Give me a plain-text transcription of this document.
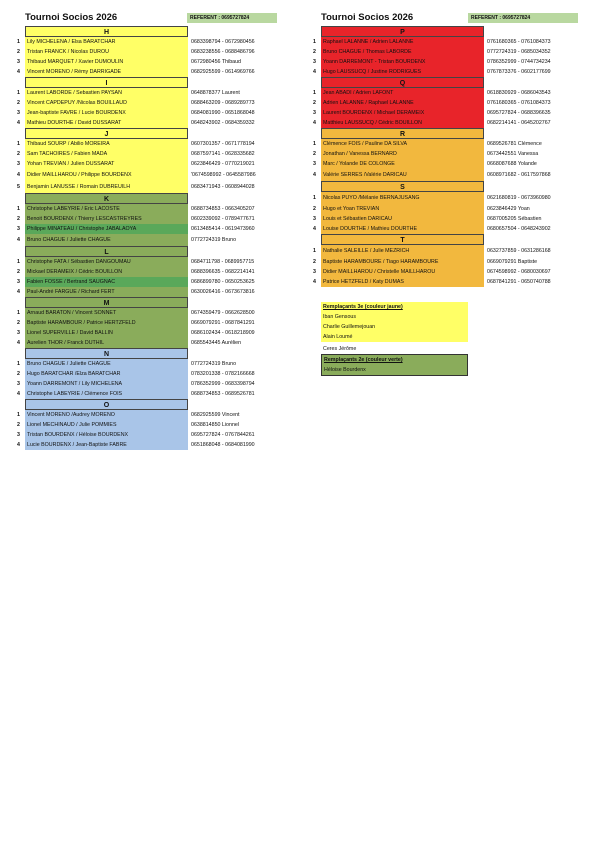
Tournoi Socios 2026	REFERENT : 0695727824
H
1	Lily MICHELENA / Elsa BARATCHAR	0683398794 - 0672980456
2	Tristan FRANCK / Nicolas DUROU	0683238556 - 0688486796
3	Thibaud MARQUET / Xavier DUMOULIN	0672980456 Thibaud
4	Vincent MORENO / Rémy DARRIGADE	0682925599 - 0614969766
I
1	Laurent LABORDE / Sebastien PAYSAN	0648878377 Laurent
2	Vincent CAPDEPUY /Nicolas BOUILLAUD	0688463209 - 0689289773
3	Jean-baptiste FAVRE / Lucie BOURDENX	0684081990 - 0651868048
4	Mathieu DOURTHE / David DUSSARAT	0648243902 - 0684359332
J
1	Thibaud SOURP / Abilio MOREIRA	0607301357 - 0671778194
2	Sam TACHOIRES / Fabien MADA	0687597141 - 0628335682
3	Yohan TREVIAN / Julien DUSSARAT	0623846429 - 0770219021
4	Didier MAILLHAROU / Philippe BOURDENX	'0674598992 - 0645587986
5	Benjamin LANUSSE / Romain DUBREUILH	0683471943 - 0608944028
K
1	Christophe LABEYRIE / Eric LACOSTE	0688734853 - 0663405207
2	Benoit BOURDENX / Thierry LESCASTREYRES	0602339092 - 0789477671
3	Philippe MINATEAU / Christophe JABALAOYA	0613485414 - 0619473960
4	Bruno CHAGUE / Juliette CHAGUE	0772724319 Bruno
L
1	Christophe FATA / Sébastien DANGOUMAU	0684711798 - 0689957715
2	Mickael DERAMEIX / Cédric BOUILLON	0688396635 - 0682214141
3	Fabien FOSSE / Bertrand SAUGNAC	0686899780 - 0650253625
4	Paul-André FARGUE / Richard FERT	0630026416 - 0673673816
M
1	Arnaud BARATON / Vincent SONNET	0674359479 - 0662628500
2	Baptiste HARAMBOUR / Patrice HERTZFELD	0669079291 - 0687841291
3	Lionel SUPERVILLE / David BALLIN	0686102434 - 0618218909
4	Aurelien THOR / Franck DUTHIL	0685543445 Aurélien
N
1	Bruno CHAGUE / Juliette CHAGUE	0772724319 Bruno
2	Hugo BARATCHAR /Elza BARATCHAR	0783201338 - 0782166668
3	Yoann DARREMONT / Lily MICHELENA	0786352999 - 0683398794
4	Christophe LABEYRIE / Clémence FOIS	0688734853 - 0689526781
O
1	Vincent MORENO /Audrey MORENO	0682925599 Vincent
2	Lionel MECHINAUD / Julie POMMIES	0638814850 Lionnel
3	Tristan BOURDENX / Héloise BOURDENX	0695727824 - 0767844261
4	Lucie BOURDENX / Jean-Baptiste FABRE	0651868048 - 0684081990
Tournoi Socios 2026	REFERENT : 0695727824
P
1	Raphael LALANNE / Adrien LALANNE	0761680365 - 0761084373
2	Bruno CHAGUE / Thomas LABORDE	0772724319 - 0685034352
3	Yoann DARREMONT - Tristan BOURDENX	0786352999 - 0744734234
4	Hugo LAUSSUCQ / Justine RODRIGUES	0767873376 - 0602177699
Q
1	Jean ABADI / Adrien LAFONT	0618830929 - 0686043543
2	Adrien LALANNE / Raphael LALANNE	0761680365 - 0761084373
3	Laurent BOURDENX / Michael DERAMEIX	0695727824 - 0688396635
4	Matthieu LAUSSUCQ / Cédric BOUILLON	0682214141 - 0645202767
R
1	Clémence FOIS / Pauline DA SILVA	0689526781 Clémence
2	Jonathan / Vanessa BERNARD	0673442551 Vanessa
3	Marc / Yolande DE COLONGE	0668087688 Yolande
4	Valérie SERRES /Valérie DARICAU	0608971682 - 0617597868
S
1	Nicolas PUYO /Mélanie BERNAJUSANG	0621680819 - 0673960980
2	Hugo et Yoan TREVIAN	0623846429 Yoan
3	Louis et Sébastien DARICAU	0687005205 Sébastien
4	Louise DOURTHE / Mathieu DOURTHE	0680657504 - 0648243902
T
1	Nathalie SALEILLE / Julie MEZRICH	0632737859 - 0631286168
2	Baptiste HARAMBOURE / Tiago HARAMBOURE	0669079291 Baptiste
3	Didier MAILLHAROU / Christelle MAILLHAROU	0674598992 - 0680030697
4	Patrice HETZFELD / Katy DUMAS	0687841291 - 0650740788
Remplaçants 3e (couleur jaune)
Iban Gensous
Charlie Guillemejouan
Alain Loumé
Ceres Jérôme
Remplaçants 2e (couleur verte)
Héloise Bourdenx
